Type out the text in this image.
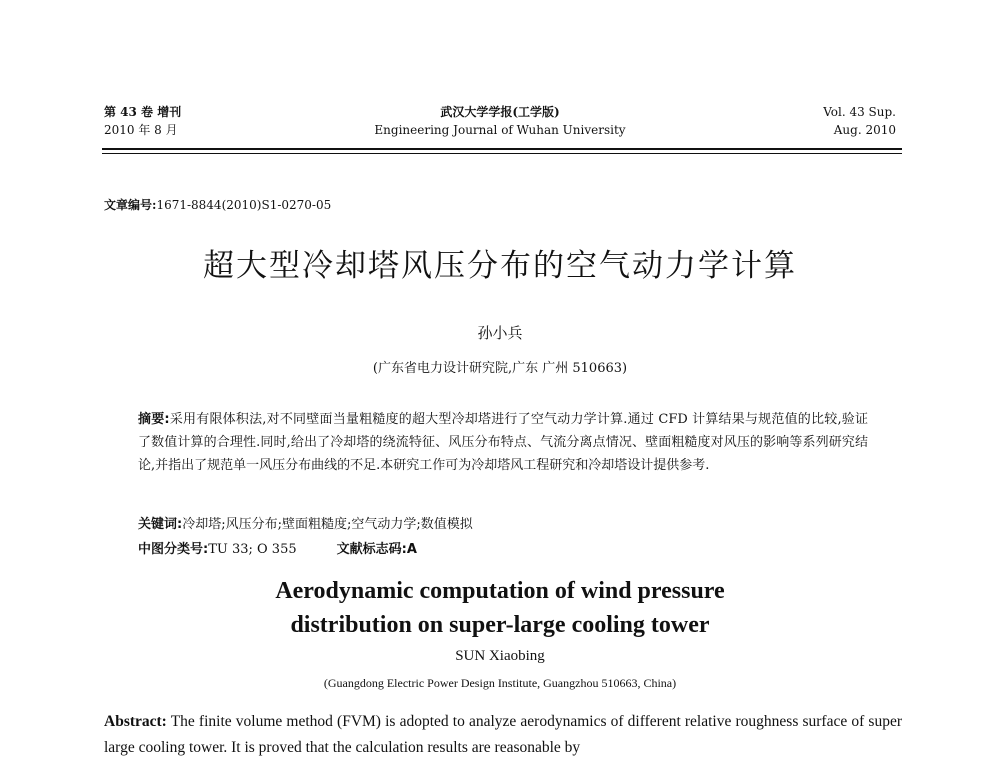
第 43 卷 增刊
2010 年 8 月
武汉大学学报(工学版)
Engineering Journal of Wuhan University
Vol. 43 Sup.
Aug. 2010
文章编号:1671-8844(2010)S1-0270-05
超大型冷却塔风压分布的空气动力学计算
孙小兵
(广东省电力设计研究院,广东 广州 510663)
摘要:采用有限体积法,对不同壁面当量粗糙度的超大型冷却塔进行了空气动力学计算.通过 CFD 计算结果与规范值的比较,验证了数值计算的合理性.同时,给出了冷却塔的绕流特征、风压分布特点、气流分离点情况、壁面粗糙度对风压的影响等系列研究结论,并指出了规范单一风压分布曲线的不足.本研究工作可为冷却塔风工程研究和冷却塔设计提供参考.
关键词:冷却塔;风压分布;壁面粗糙度;空气动力学;数值模拟
中图分类号:TU 33; O 355	文献标志码:A
Aerodynamic computation of wind pressure
distribution on super-large cooling tower
SUN Xiaobing
(Guangdong Electric Power Design Institute, Guangzhou 510663, China)
Abstract: The finite volume method (FVM) is adopted to analyze aerodynamics of different relative roughness surface of super large cooling tower. It is proved that the calculation results are reasonable by
